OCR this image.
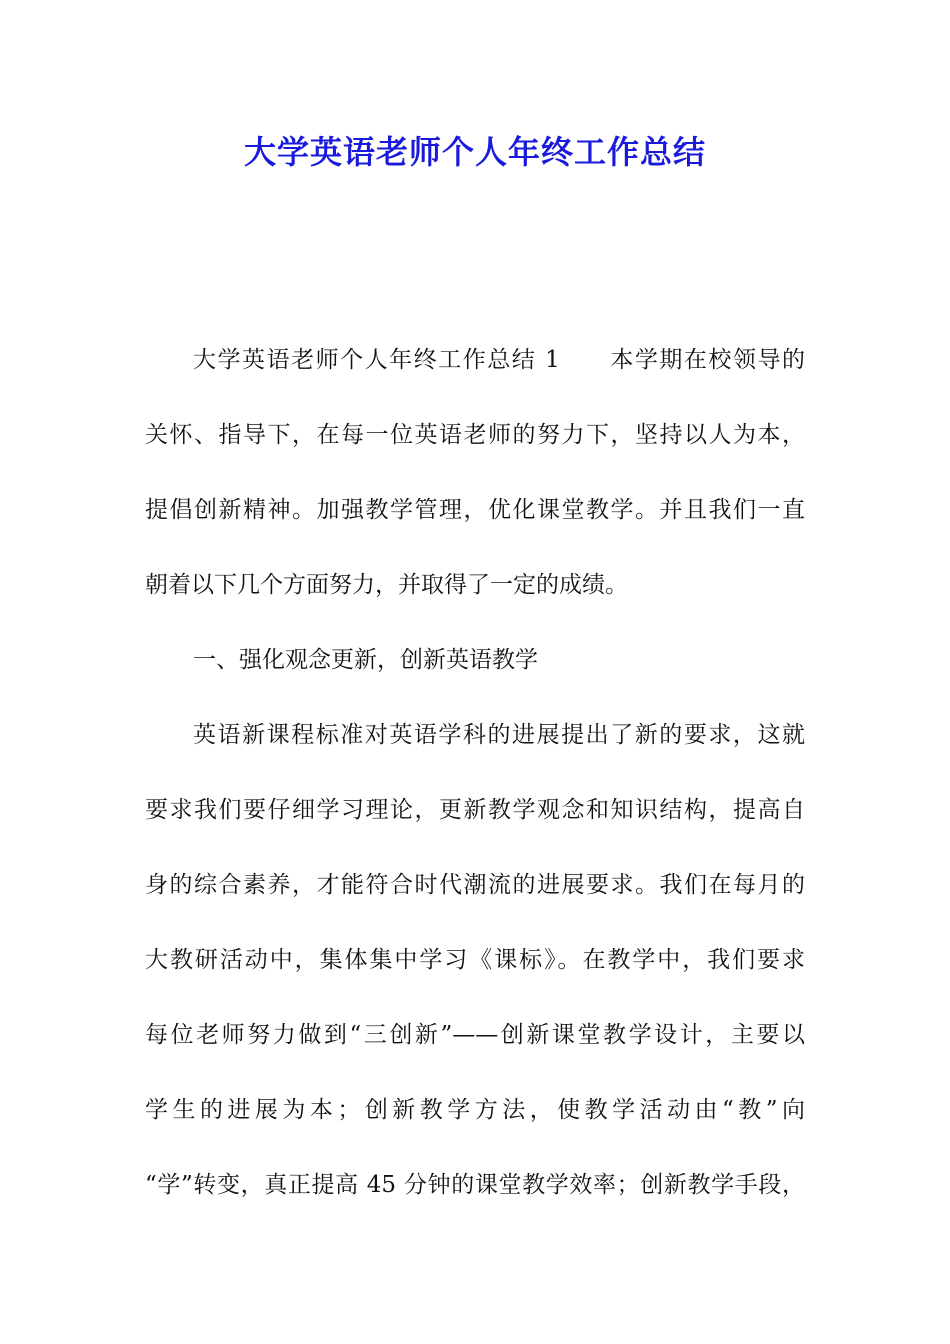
大学英语老师个人年终工作总结
大学英语老师个人年终工作总结 1　　本学期在校领导的
关怀、指导下，在每一位英语老师的努力下，坚持以人为本，
提倡创新精神。加强教学管理，优化课堂教学。并且我们一直
朝着以下几个方面努力，并取得了一定的成绩。
一、强化观念更新，创新英语教学
英语新课程标准对英语学科的进展提出了新的要求，这就
要求我们要仔细学习理论，更新教学观念和知识结构，提高自
身的综合素养，才能符合时代潮流的进展要求。我们在每月的
大教研活动中，集体集中学习《课标》。在教学中，我们要求
每位老师努力做到“三创新”——创新课堂教学设计，主要以
学生的进展为本；创新教学方法，使教学活动由“教”向
“学”转变，真正提高 45 分钟的课堂教学效率；创新教学手段，
